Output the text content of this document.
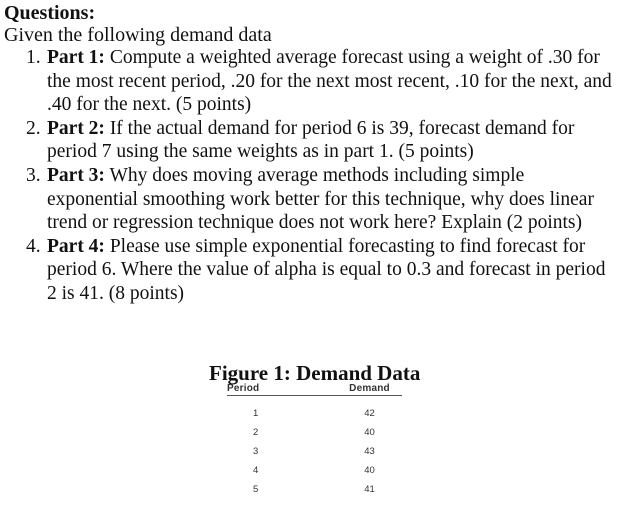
Questions:
Given the following demand data
1. Part 1: Compute a weighted average forecast using a weight of .30 for the most recent period, .20 for the next most recent, .10 for the next, and .40 for the next. (5 points)
2. Part 2: If the actual demand for period 6 is 39, forecast demand for period 7 using the same weights as in part 1. (5 points)
3. Part 3: Why does moving average methods including simple exponential smoothing work better for this technique, why does linear trend or regression technique does not work here? Explain (2 points)
4. Part 4: Please use simple exponential forecasting to find forecast for period 6. Where the value of alpha is equal to 0.3 and forecast in period 2 is 41. (8 points)
Figure 1: Demand Data
Period	Demand
1	42
2	40
3	43
4	40
5	41
